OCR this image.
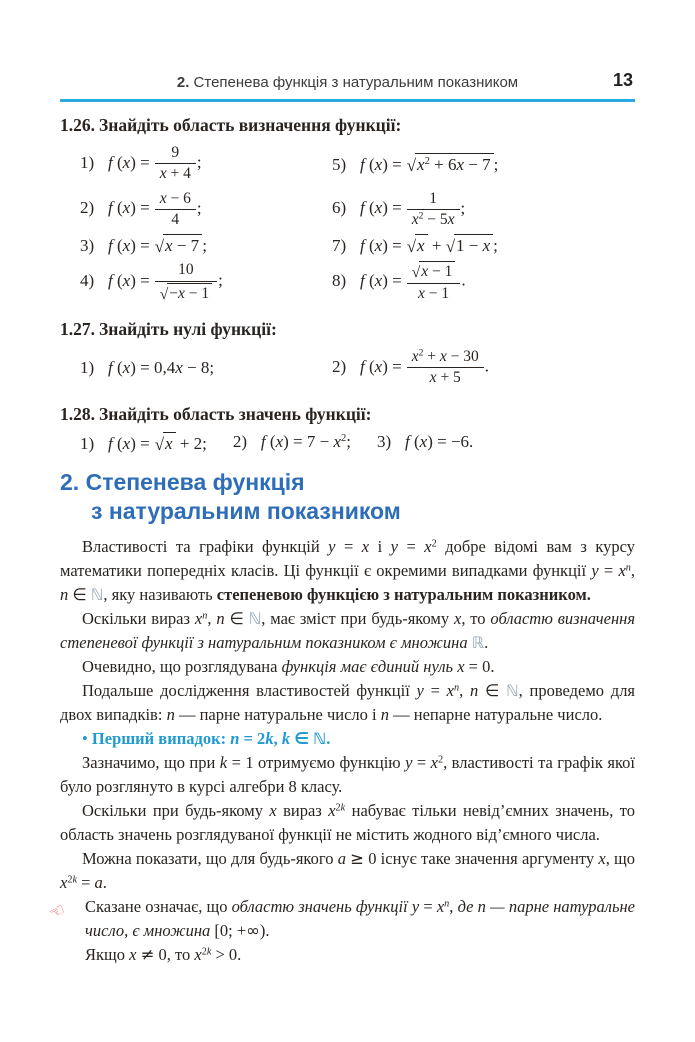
2. Степенева функція з натуральним показником	13

1.26. Знайдіть область визначення функції:

1) f $(x) = \frac{9}{x + 4}$ ;	5) f $(x) = √x^2 + 6x - 7$ ;
2) f $(x) = \frac{x - 6}{4}$ ;	6) f $(x) = \frac{1}{x^2 - 5x}$ ;
3) f (x) = √x − 7 ;	7) f (x) = √x + √1 − x ;
4) f $(x) = \frac{10}{√-x - 1}$ ;	8) f $(x) = \frac{√x - 1}{x - 1}$ .

1.27. Знайдіть нулі функції:

1) f (x) = 0,4x − 8;	2) f $(x) = \frac{x^2 + x - 30}{x + 5}$ .

1.28. Знайдіть область значень функції:

1) f (x) = √x + 2; 2) f $(x) = 7 - x^2$; 3) f (x) = −6.
2. Степенева функція
з натуральним показником

Властивості та графіки функцій y = x і $y = x^2$ добре відомі вам з курсу математики попередніх класів. Ці функції є окремими випадками функції $y = x^n$, n ∈ ℕ, яку називають степеневою функцією з натуральним показником.

Оскільки вираз $x^n$, n ∈ ℕ, має зміст при будь-якому x, то областю визначення степеневої функції з натуральним показником є множина ℝ.

Очевидно, що розглядувана функція має єдиний нуль x = 0.

Подальше дослідження властивостей функції $y = x^n$, n ∈ ℕ, проведемо для двох випадків: n — парне натуральне число і n — непарне натуральне число.

• Перший випадок: n = 2k, k ∈ ℕ.

Зазначимо, що при k = 1 отримуємо функцію $y = x^2$, властивості та графік якої було розглянуто в курсі алгебри 8 класу.

Оскільки при будь-якому x вираз $x^{2k}$ набуває тільки невід’ємних значень, то область значень розглядуваної функції не містить жодного від’ємного числа.

Можна показати, що для будь-якого a ≥ 0 існує таке значення аргументу x, що $x^{2k} = a$.

☜ Сказане означає, що областю значень функції $y = x^n$, де n — парне натуральне число, є множина [0; +∞).

Якщо x ≠ 0, то $x^{2k} > 0$.
